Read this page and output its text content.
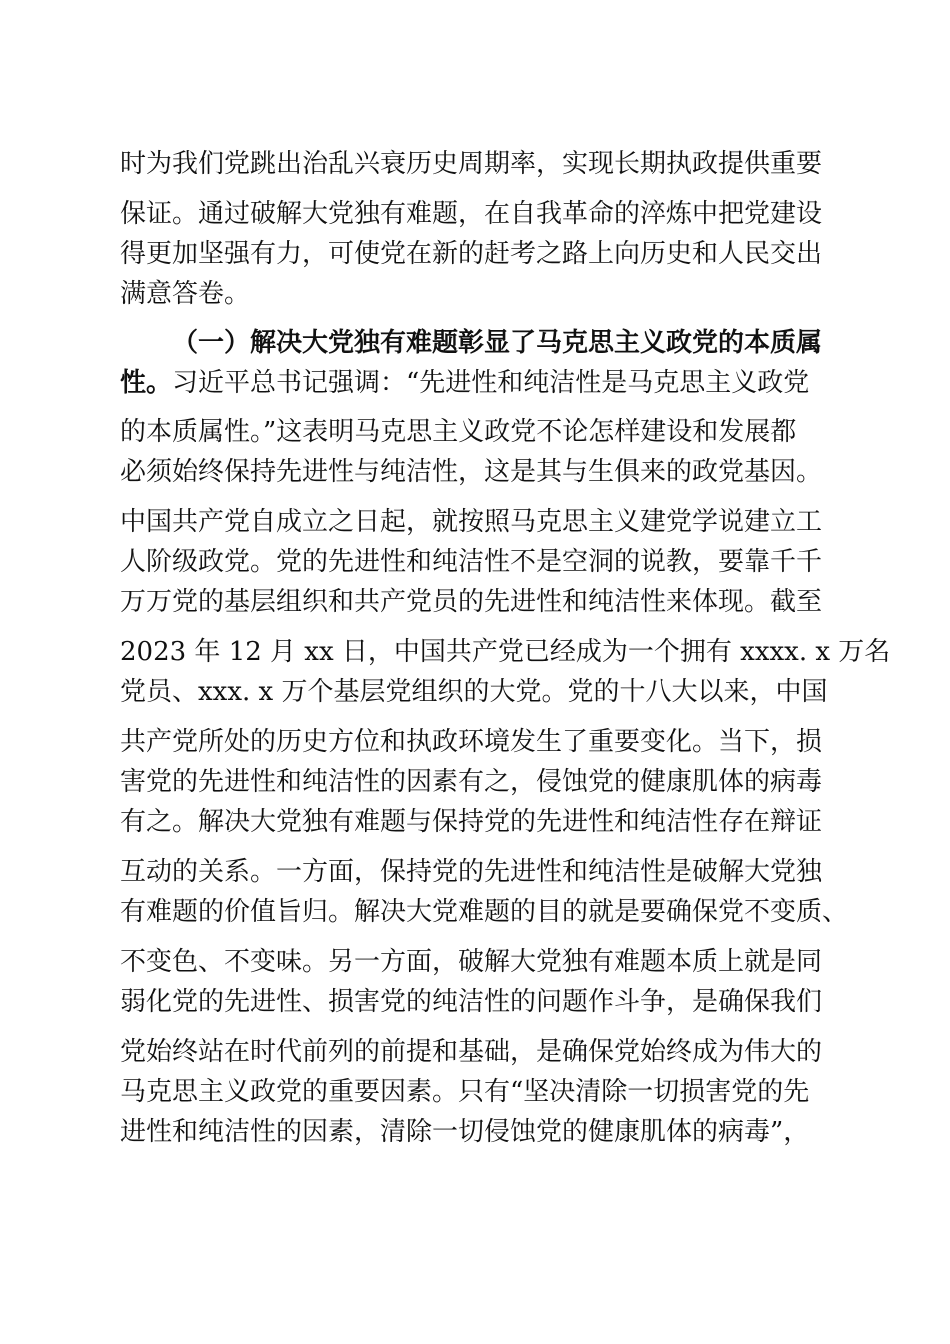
时为我们党跳出治乱兴衰历史周期率，实现长期执政提供重要
保证。通过破解大党独有难题，在自我革命的淬炼中把党建设
得更加坚强有力，可使党在新的赶考之路上向历史和人民交出
满意答卷。
（一）解决大党独有难题彰显了马克思主义政党的本质属
性。习近平总书记强调：“先进性和纯洁性是马克思主义政党
的本质属性。”这表明马克思主义政党不论怎样建设和发展都
必须始终保持先进性与纯洁性，这是其与生俱来的政党基因。
中国共产党自成立之日起，就按照马克思主义建党学说建立工
人阶级政党。党的先进性和纯洁性不是空洞的说教，要靠千千
万万党的基层组织和共产党员的先进性和纯洁性来体现。截至
2023 年 12 月 xx 日，中国共产党已经成为一个拥有 xxxx. x 万名
党员、xxx. x 万个基层党组织的大党。党的十八大以来，中国
共产党所处的历史方位和执政环境发生了重要变化。当下，损
害党的先进性和纯洁性的因素有之，侵蚀党的健康肌体的病毒
有之。解决大党独有难题与保持党的先进性和纯洁性存在辩证
互动的关系。一方面，保持党的先进性和纯洁性是破解大党独
有难题的价值旨归。解决大党难题的目的就是要确保党不变质、
不变色、不变味。另一方面，破解大党独有难题本质上就是同
弱化党的先进性、损害党的纯洁性的问题作斗争，是确保我们
党始终站在时代前列的前提和基础，是确保党始终成为伟大的
马克思主义政党的重要因素。只有“坚决清除一切损害党的先
进性和纯洁性的因素，清除一切侵蚀党的健康肌体的病毒”，
